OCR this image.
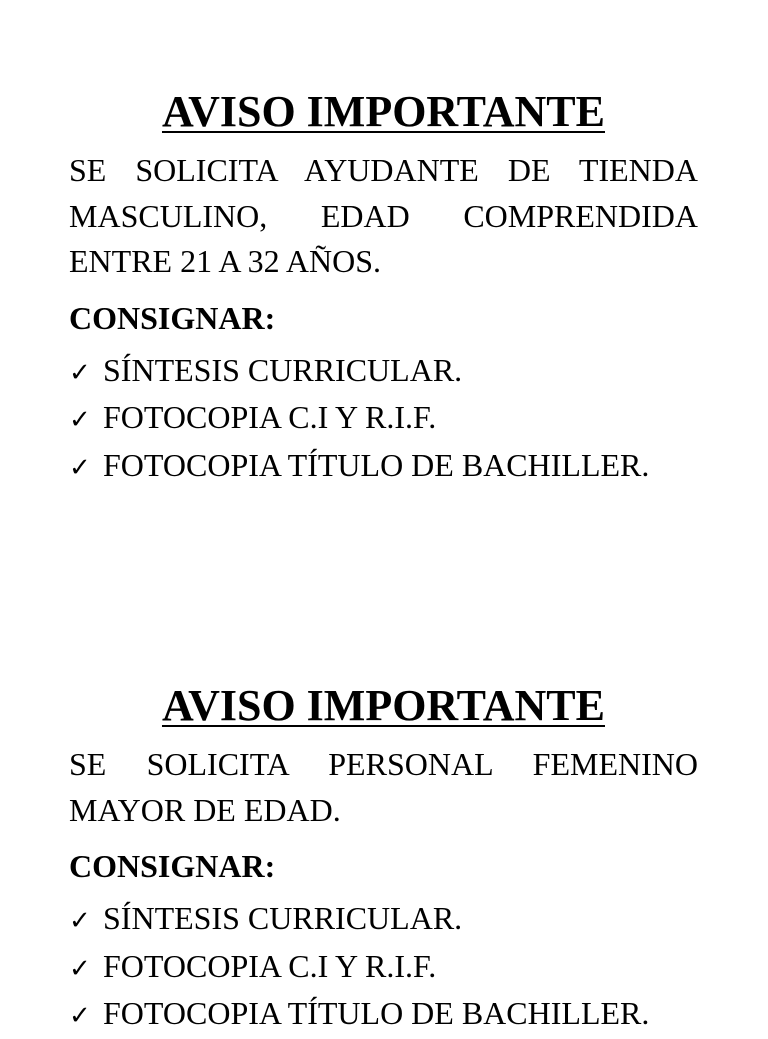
AVISO IMPORTANTE

SE SOLICITA AYUDANTE DE TIENDA MASCULINO, EDAD COMPRENDIDA ENTRE 21 A 32 AÑOS.

CONSIGNAR:

✓ SÍNTESIS CURRICULAR.
✓ FOTOCOPIA C.I Y R.I.F.
✓ FOTOCOPIA TÍTULO DE BACHILLER.
AVISO IMPORTANTE

SE SOLICITA PERSONAL FEMENINO MAYOR DE EDAD.

CONSIGNAR:

✓ SÍNTESIS CURRICULAR.
✓ FOTOCOPIA C.I Y R.I.F.
✓ FOTOCOPIA TÍTULO DE BACHILLER.
